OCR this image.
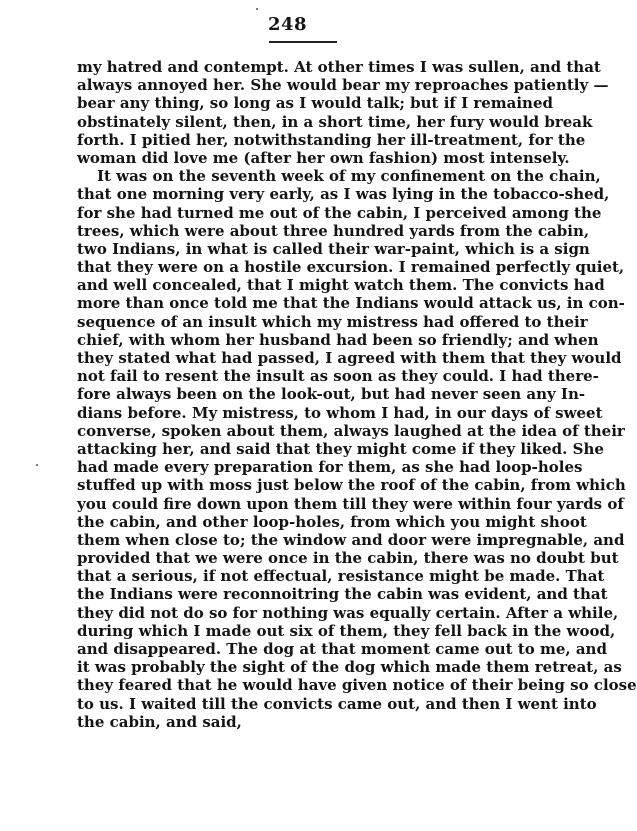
248
my hatred and contempt. At other times I was sullen, and that
always annoyed her. She would bear my reproaches patiently —
bear any thing, so long as I would talk; but if I remained
obstinately silent, then, in a short time, her fury would break
forth. I pitied her, notwithstanding her ill-treatment, for the
woman did love me (after her own fashion) most intensely.
It was on the seventh week of my confinement on the chain,
that one morning very early, as I was lying in the tobacco-shed,
for she had turned me out of the cabin, I perceived among the
trees, which were about three hundred yards from the cabin,
two Indians, in what is called their war-paint, which is a sign
that they were on a hostile excursion. I remained perfectly quiet,
and well concealed, that I might watch them. The convicts had
more than once told me that the Indians would attack us, in con-
sequence of an insult which my mistress had offered to their
chief, with whom her husband had been so friendly; and when
they stated what had passed, I agreed with them that they would
not fail to resent the insult as soon as they could. I had there-
fore always been on the look-out, but had never seen any In-
dians before. My mistress, to whom I had, in our days of sweet
converse, spoken about them, always laughed at the idea of their
attacking her, and said that they might come if they liked. She
had made every preparation for them, as she had loop-holes
stuffed up with moss just below the roof of the cabin, from which
you could fire down upon them till they were within four yards of
the cabin, and other loop-holes, from which you might shoot
them when close to; the window and door were impregnable, and
provided that we were once in the cabin, there was no doubt but
that a serious, if not effectual, resistance might be made. That
the Indians were reconnoitring the cabin was evident, and that
they did not do so for nothing was equally certain. After a while,
during which I made out six of them, they fell back in the wood,
and disappeared. The dog at that moment came out to me, and
it was probably the sight of the dog which made them retreat, as
they feared that he would have given notice of their being so close
to us. I waited till the convicts came out, and then I went into
the cabin, and said,
